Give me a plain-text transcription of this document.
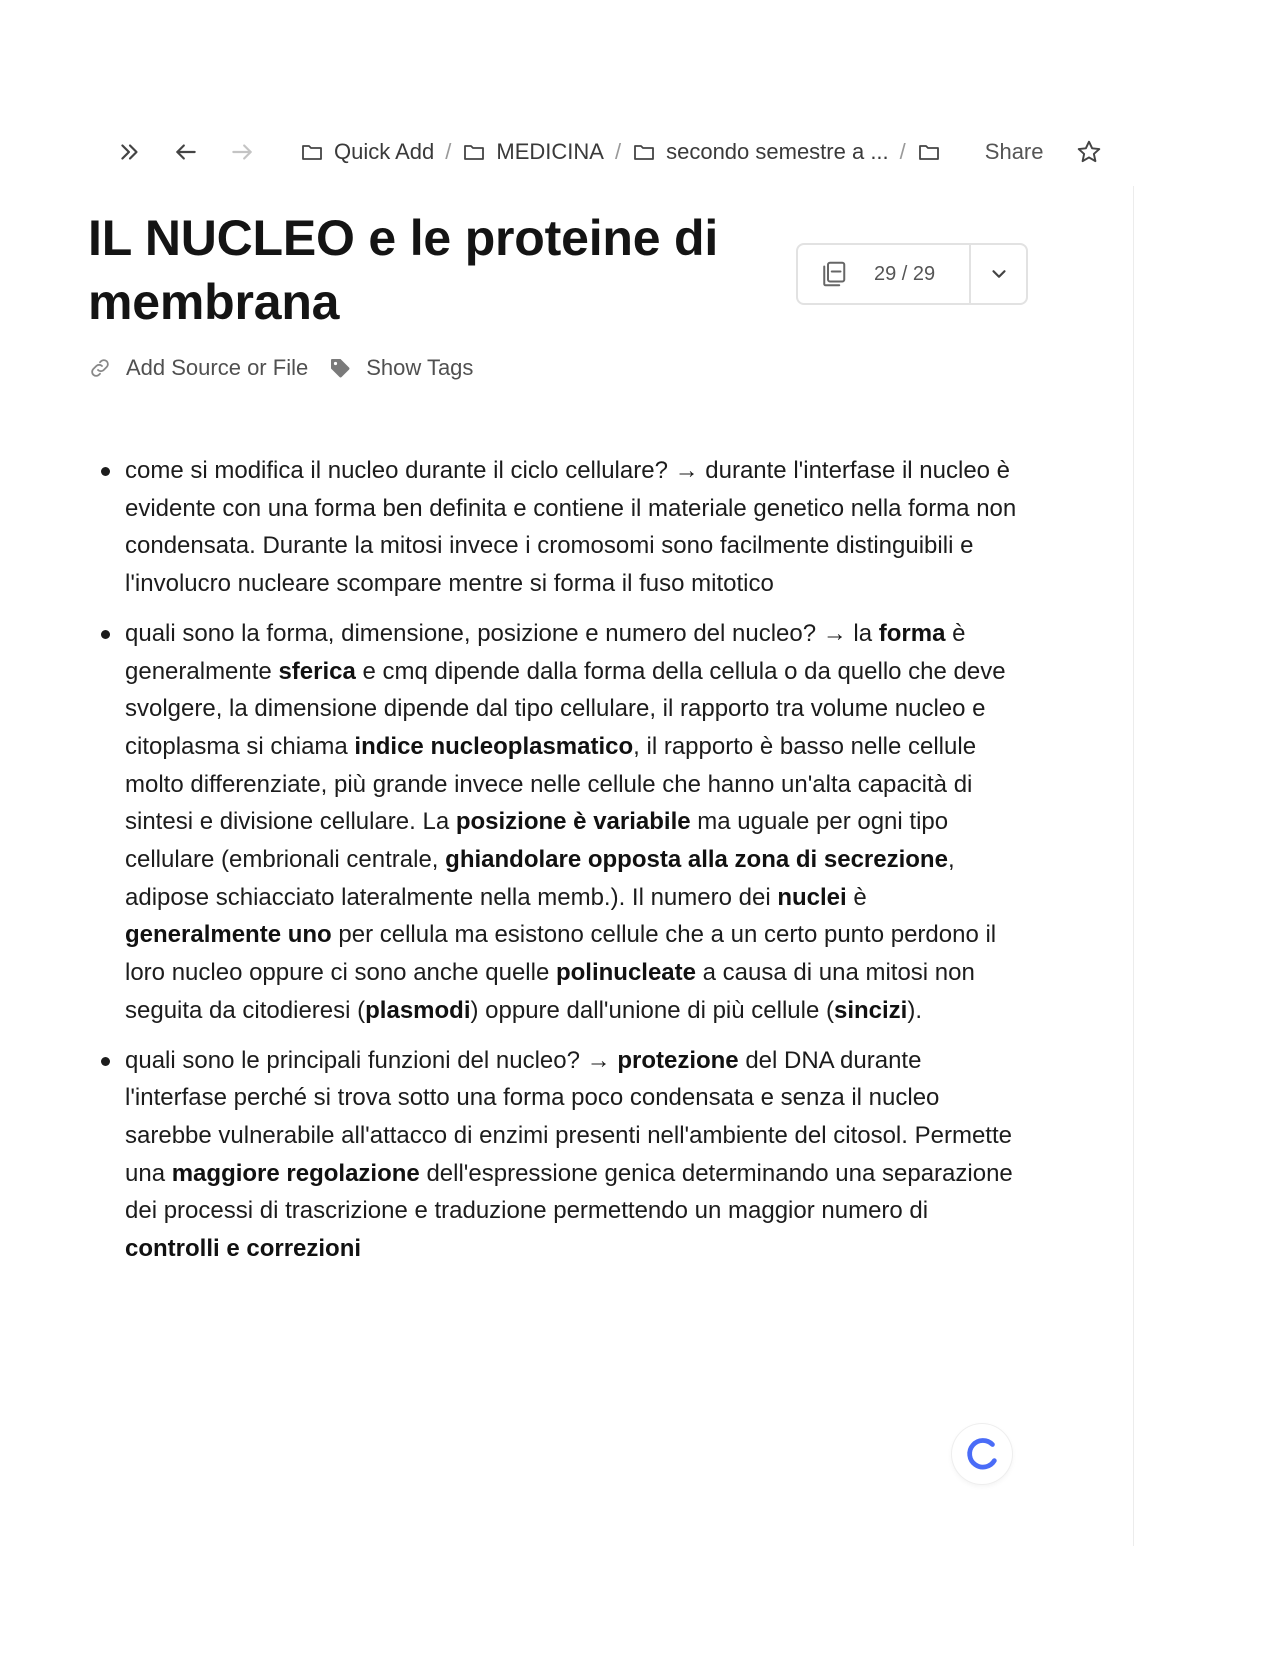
Quick Add / MEDICINA / secondo semestre a ... /	Share
IL NUCLEO e le proteine di
membrana
29 / 29
Add Source or File	Show Tags
come si modifica il nucleo durante il ciclo cellulare? → durante l'interfase il nucleo è evidente con una forma ben definita e contiene il materiale genetico nella forma non condensata. Durante la mitosi invece i cromosomi sono facilmente distinguibili e l'involucro nucleare scompare mentre si forma il fuso mitotico
quali sono la forma, dimensione, posizione e numero del nucleo? → la forma è generalmente sferica e cmq dipende dalla forma della cellula o da quello che deve svolgere, la dimensione dipende dal tipo cellulare, il rapporto tra volume nucleo e citoplasma si chiama indice nucleoplasmatico, il rapporto è basso nelle cellule molto differenziate, più grande invece nelle cellule che hanno un'alta capacità di sintesi e divisione cellulare. La posizione è variabile ma uguale per ogni tipo cellulare (embrionali centrale, ghiandolare opposta alla zona di secrezione, adipose schiacciato lateralmente nella memb.). Il numero dei nuclei è generalmente uno per cellula ma esistono cellule che a un certo punto perdono il loro nucleo oppure ci sono anche quelle polinucleate a causa di una mitosi non seguita da citodieresi (plasmodi) oppure dall'unione di più cellule (sincizi).
quali sono le principali funzioni del nucleo? → protezione del DNA durante l'interfase perché si trova sotto una forma poco condensata e senza il nucleo sarebbe vulnerabile all'attacco di enzimi presenti nell'ambiente del citosol. Permette una maggiore regolazione dell'espressione genica determinando una separazione dei processi di trascrizione e traduzione permettendo un maggior numero di controlli e correzioni
